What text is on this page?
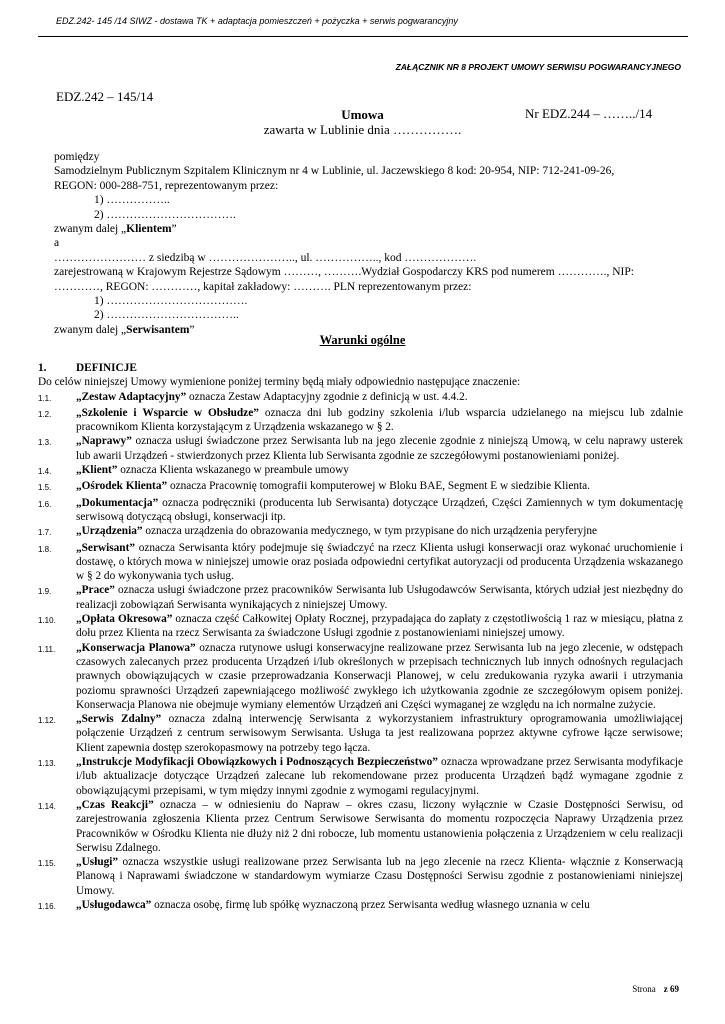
EDZ.242- 145 /14 SIWZ - dostawa TK + adaptacja pomieszczeń + pożyczka + serwis pogwarancyjny
ZAŁĄCZNIK NR 8 PROJEKT UMOWY SERWISU POGWARANCYJNEGO
EDZ.242 – 145/14
Umowa	Nr EDZ.244 – ……../14
zawarta w Lublinie dnia …………….
pomiędzy
Samodzielnym Publicznym Szpitalem Klinicznym nr 4 w Lublinie, ul. Jaczewskiego 8 kod: 20-954, NIP: 712-241-09-26,
REGON: 000-288-751, reprezentowanym przez:
1) ……………..
2) …………………………….
zwanym dalej „Klientem”
a
…………………… z siedzibą w ………………….., ul. …………….., kod ……………….
zarejestrowaną w Krajowym Rejestrze Sądowym ………, ……….Wydział Gospodarczy KRS pod numerem …………., NIP:
…………, REGON: …………, kapitał zakładowy: ………. PLN reprezentowanym przez:
1) ……………………………….
2) ……………………………..
zwanym dalej „Serwisantem”
Warunki ogólne
1.	DEFINICJE
Do celów niniejszej Umowy wymienione poniżej terminy będą miały odpowiednio następujące znaczenie:
1.1.	„Zestaw Adaptacyjny” oznacza Zestaw Adaptacyjny zgodnie z definicją w ust. 4.4.2.
1.2.	„Szkolenie i Wsparcie w Obsłudze” oznacza dni lub godziny szkolenia i/lub wsparcia udzielanego na miejscu lub zdalnie pracownikom Klienta korzystającym z Urządzenia wskazanego w § 2.
1.3.	„Naprawy” oznacza usługi świadczone przez Serwisanta lub na jego zlecenie zgodnie z niniejszą Umową, w celu naprawy usterek lub awarii Urządzeń - stwierdzonych przez Klienta lub Serwisanta zgodnie ze szczegółowymi postanowieniami poniżej.
1.4.	„Klient” oznacza Klienta wskazanego w preambule umowy
1.5.	„Ośrodek Klienta” oznacza Pracownię tomografii komputerowej w Bloku BAE, Segment E w siedzibie Klienta.
1.6.	„Dokumentacja” oznacza podręczniki (producenta lub Serwisanta) dotyczące Urządzeń, Części Zamiennych w tym dokumentację serwisową dotyczącą obsługi, konserwacji itp.
1.7.	„Urządzenia” oznacza urządzenia do obrazowania medycznego, w tym przypisane do nich urządzenia peryferyjne
1.8.	„Serwisant” oznacza Serwisanta który podejmuje się świadczyć na rzecz Klienta usługi konserwacji oraz wykonać uruchomienie i dostawę, o których mowa w niniejszej umowie oraz posiada odpowiedni certyfikat autoryzacji od producenta Urządzenia wskazanego w § 2 do wykonywania tych usług.
1.9.	„Prace” oznacza usługi świadczone przez pracowników Serwisanta lub Usługodawców Serwisanta, których udział jest niezbędny do realizacji zobowiązań Serwisanta wynikających z niniejszej Umowy.
1.10.	„Opłata Okresowa” oznacza część Całkowitej Opłaty Rocznej, przypadająca do zapłaty z częstotliwością 1 raz w miesiącu, płatna z dołu przez Klienta na rzecz Serwisanta za świadczone Usługi zgodnie z postanowieniami niniejszej umowy.
1.11.	„Konserwacja Planowa” oznacza rutynowe usługi konserwacyjne realizowane przez Serwisanta lub na jego zlecenie, w odstępach czasowych zalecanych przez producenta Urządzeń i/lub określonych w przepisach technicznych lub innych odnośnych regulacjach prawnych obowiązujących w czasie przeprowadzania Konserwacji Planowej, w celu zredukowania ryzyka awarii i utrzymania poziomu sprawności Urządzeń zapewniającego możliwość zwykłego ich użytkowania zgodnie ze szczegółowym opisem poniżej. Konserwacja Planowa nie obejmuje wymiany elementów Urządzeń ani Części wymaganej ze względu na ich normalne zużycie.
1.12.	„Serwis Zdalny” oznacza zdalną interwencję Serwisanta z wykorzystaniem infrastruktury oprogramowania umożliwiającej połączenie Urządzeń z centrum serwisowym Serwisanta. Usługa ta jest realizowana poprzez aktywne cyfrowe łącze serwisowe; Klient zapewnia dostęp szerokopasmowy na potrzeby tego łącza.
1.13.	„Instrukcje Modyfikacji Obowiązkowych i Podnoszących Bezpieczeństwo” oznacza wprowadzane przez Serwisanta modyfikacje i/lub aktualizacje dotyczące Urządzeń zalecane lub rekomendowane przez producenta Urządzeń bądź wymagane zgodnie z obowiązującymi przepisami, w tym między innymi zgodnie z wymogami regulacyjnymi.
1.14.	„Czas Reakcji” oznacza – w odniesieniu do Napraw – okres czasu, liczony wyłącznie w Czasie Dostępności Serwisu, od zarejestrowania zgłoszenia Klienta przez Centrum Serwisowe Serwisanta do momentu rozpoczęcia Naprawy Urządzenia przez Pracowników w Ośrodku Klienta nie dłuży niż 2 dni robocze, lub momentu ustanowienia połączenia z Urządzeniem w celu realizacji Serwisu Zdalnego.
1.15.	„Usługi” oznacza wszystkie usługi realizowane przez Serwisanta lub na jego zlecenie na rzecz Klienta- włącznie z Konserwacją Planową i Naprawami świadczone w standardowym wymiarze Czasu Dostępności Serwisu zgodnie z postanowieniami niniejszej Umowy.
1.16.	„Usługodawca” oznacza osobę, firmę lub spółkę wyznaczoną przez Serwisanta według własnego uznania w celu
Strona z 69
